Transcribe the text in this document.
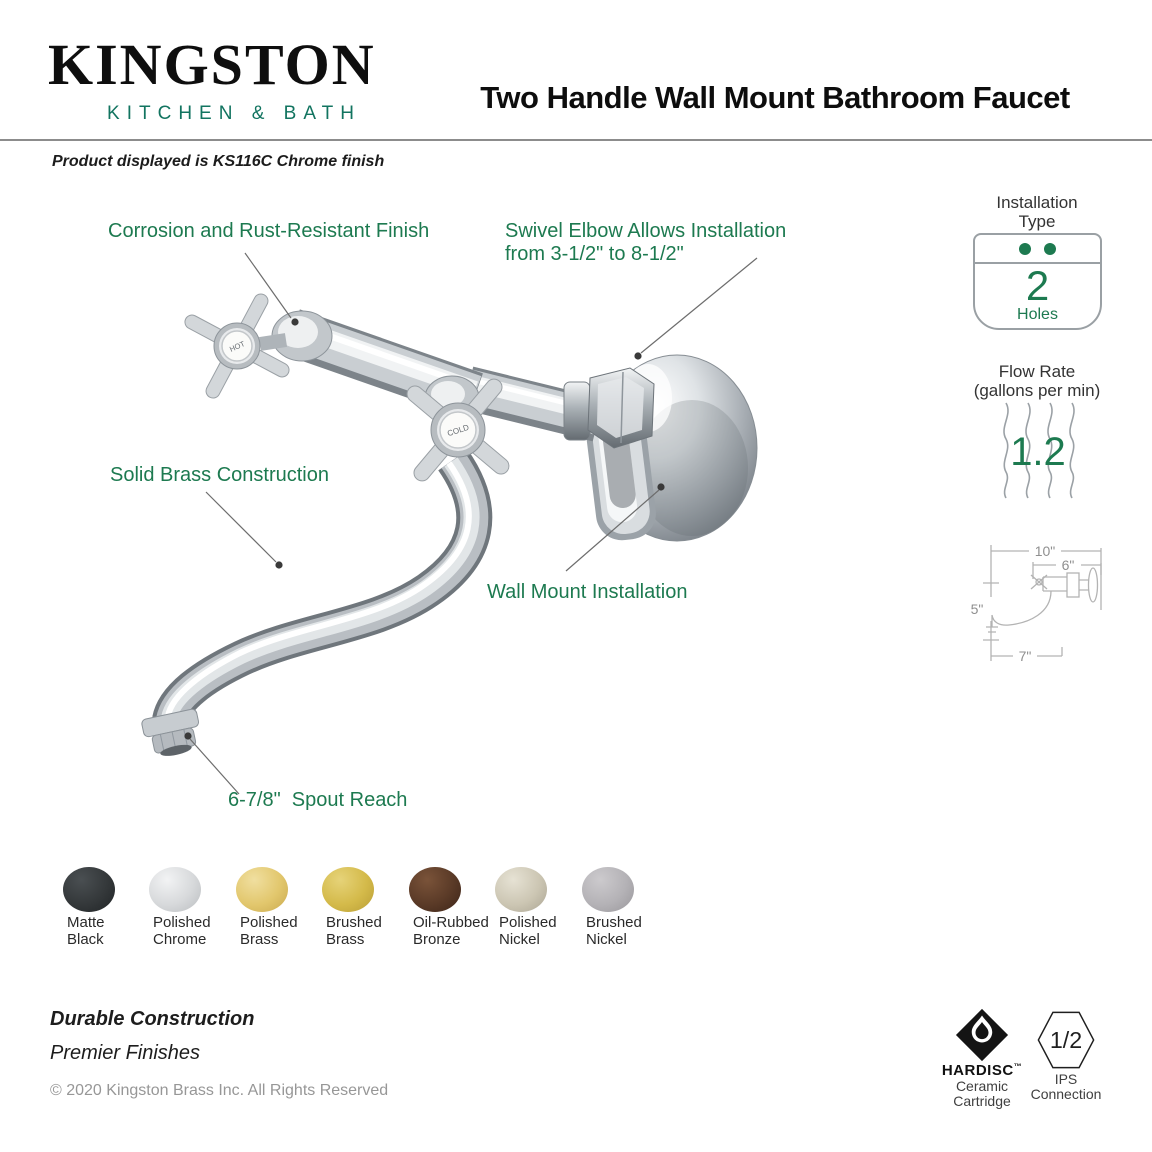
KINGSTON
KITCHEN & BATH	Two Handle Wall Mount Bathroom Faucet
Product displayed is KS116C Chrome finish
Corrosion and Rust-Resistant Finish	Swivel Elbow Allows Installation
from 3-1/2" to 8-1/2"
Solid Brass Construction
Wall Mount Installation
6-7/8"  Spout Reach
HOT
COLD
Installation
Type
2
Holes
Flow Rate
(gallons per min)
1.2
10"
6"
5"
7"
Matte
Black
Polished
Chrome
Polished
Brass
Brushed
Brass
Oil-Rubbed
Bronze
Polished
Nickel
Brushed
Nickel
Durable Construction
Premier Finishes
© 2020 Kingston Brass Inc. All Rights Reserved
HARDISC™
Ceramic
Cartridge
1/2
IPS
Connection
